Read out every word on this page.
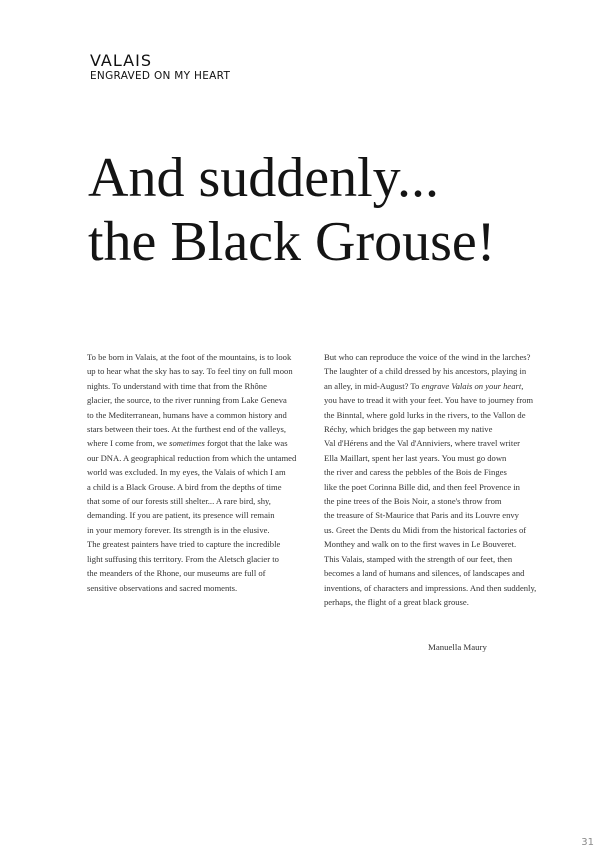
VALAIS
ENGRAVED ON MY HEART
And suddenly...
the Black Grouse!
To be born in Valais, at the foot of the mountains, is to look
up to hear what the sky has to say. To feel tiny on full moon
nights. To understand with time that from the Rhône
glacier, the source, to the river running from Lake Geneva
to the Mediterranean, humans have a common history and
stars between their toes. At the furthest end of the valleys,
where I come from, we sometimes forgot that the lake was
our DNA. A geographical reduction from which the untamed
world was excluded. In my eyes, the Valais of which I am
a child is a Black Grouse. A bird from the depths of time
that some of our forests still shelter... A rare bird, shy,
demanding. If you are patient, its presence will remain
in your memory forever. Its strength is in the elusive.
The greatest painters have tried to capture the incredible
light suffusing this territory. From the Aletsch glacier to
the meanders of the Rhone, our museums are full of
sensitive observations and sacred moments.
But who can reproduce the voice of the wind in the larches?
The laughter of a child dressed by his ancestors, playing in
an alley, in mid-August? To engrave Valais on your heart,
you have to tread it with your feet. You have to journey from
the Binntal, where gold lurks in the rivers, to the Vallon de
Réchy, which bridges the gap between my native
Val d'Hérens and the Val d'Anniviers, where travel writer
Ella Maillart, spent her last years. You must go down
the river and caress the pebbles of the Bois de Finges
like the poet Corinna Bille did, and then feel Provence in
the pine trees of the Bois Noir, a stone's throw from
the treasure of St-Maurice that Paris and its Louvre envy
us. Greet the Dents du Midi from the historical factories of
Monthey and walk on to the first waves in Le Bouveret.
This Valais, stamped with the strength of our feet, then
becomes a land of humans and silences, of landscapes and
inventions, of characters and impressions. And then suddenly,
perhaps, the flight of a great black grouse.
Manuella Maury
31
